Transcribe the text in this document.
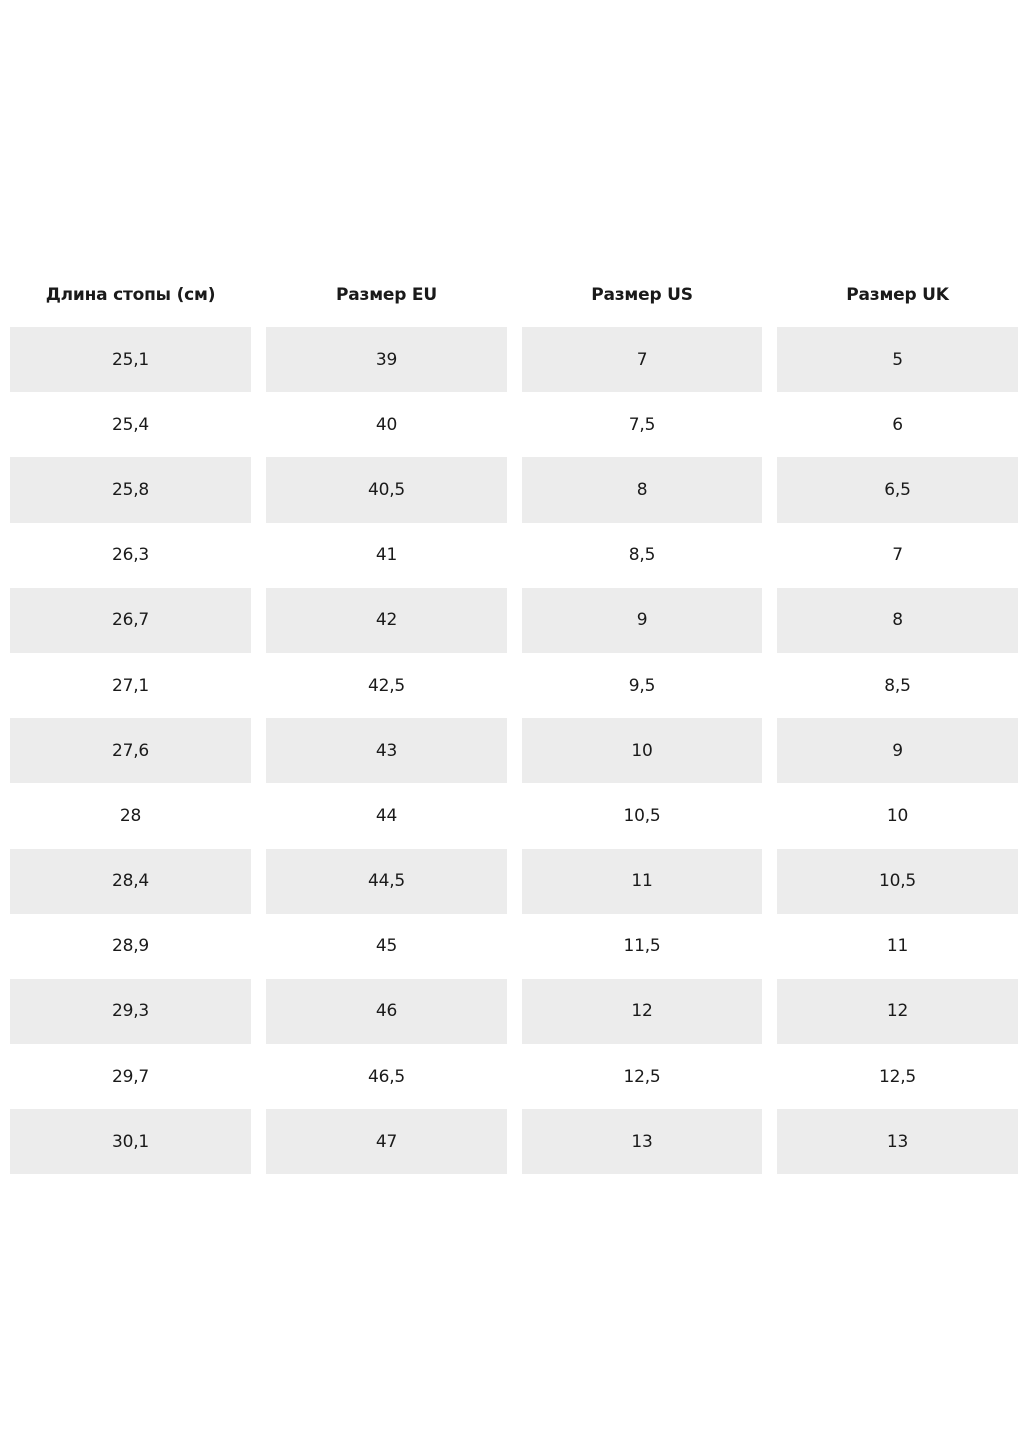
Длина стопы (см)	Размер EU	Размер US	Размер UK
25,1	39	7	5
25,4	40	7,5	6
25,8	40,5	8	6,5
26,3	41	8,5	7
26,7	42	9	8
27,1	42,5	9,5	8,5
27,6	43	10	9
28	44	10,5	10
28,4	44,5	11	10,5
28,9	45	11,5	11
29,3	46	12	12
29,7	46,5	12,5	12,5
30,1	47	13	13
